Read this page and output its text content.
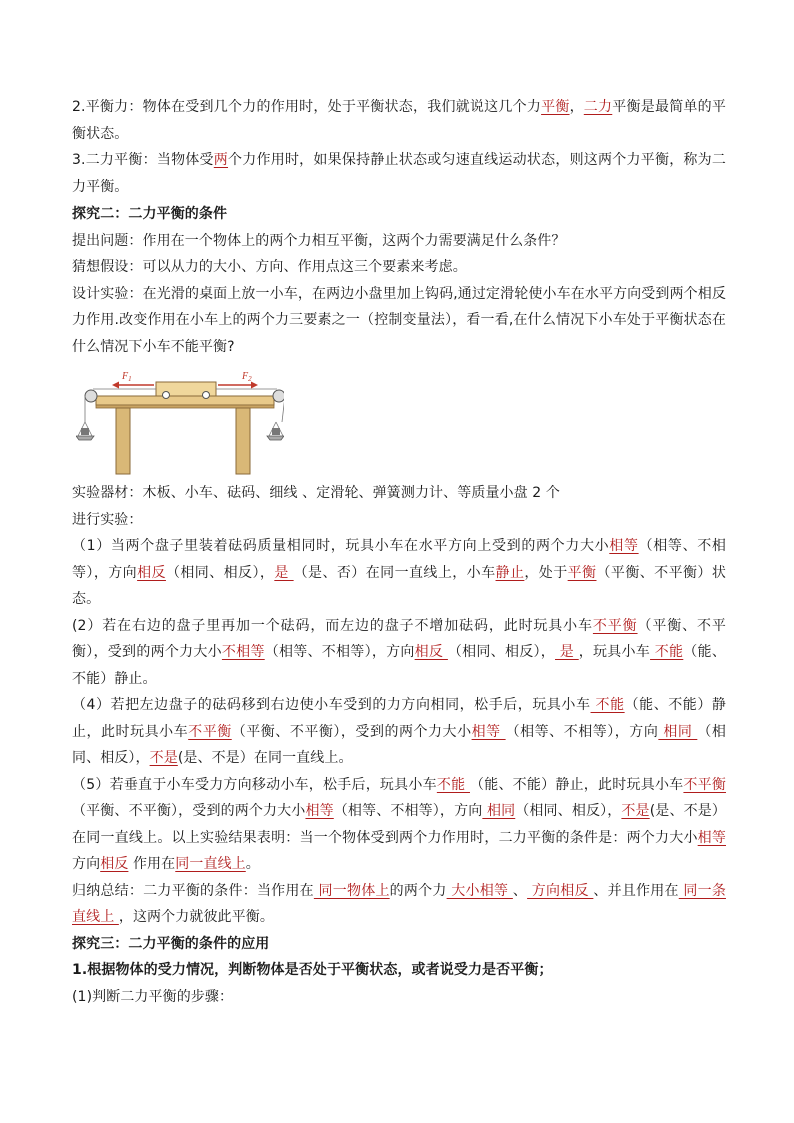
2.平衡力：物体在受到几个力的作用时，处于平衡状态，我们就说这几个力平衡，二力平衡是最简单的平衡状态。

3.二力平衡：当物体受两个力作用时，如果保持静止状态或匀速直线运动状态，则这两个力平衡，称为二力平衡。

探究二：二力平衡的条件

提出问题：作用在一个物体上的两个力相互平衡，这两个力需要满足什么条件？

猜想假设：可以从力的大小、方向、作用点这三个要素来考虑。

设计实验：在光滑的桌面上放一小车，在两边小盘里加上钩码,通过定滑轮使小车在水平方向受到两个相反力作用.改变作用在小车上的两个力三要素之一（控制变量法），看一看,在什么情况下小车处于平衡状态在什么情况下小车不能平衡?

$F_1$	$F_2$

实验器材：木板、小车、砝码、细线 、定滑轮、弹簧测力计、等质量小盘 2 个

进行实验：

（1）当两个盘子里装着砝码质量相同时，玩具小车在水平方向上受到的两个力大小相等（相等、不相等），方向相反（相同、相反），是 （是、否）在同一直线上，小车静止，处于平衡（平衡、不平衡）状态。

(2）若在右边的盘子里再加一个砝码，而左边的盘子不增加砝码，此时玩具小车不平衡（平衡、不平衡），受到的两个力大小不相等（相等、不相等），方向相反 （相同、相反）， 是 ，玩具小车 不能（能、不能）静止。

（4）若把左边盘子的砝码移到右边使小车受到的力方向相同，松手后，玩具小车 不能（能、不能）静止，此时玩具小车不平衡（平衡、不平衡），受到的两个力大小相等 （相等、不相等），方向 相同 （相同、相反），不是(是、不是）在同一直线上。

（5）若垂直于小车受力方向移动小车，松手后，玩具小车不能 （能、不能）静止，此时玩具小车不平衡（平衡、不平衡），受到的两个力大小相等（相等、不相等），方向 相同（相同、相反），不是(是、不是）在同一直线上。以上实验结果表明：当一个物体受到两个力作用时，二力平衡的条件是：两个力大小相等方向相反 作用在同一直线上。

归纳总结：二力平衡的条件：当作用在 同一物体上的两个力 大小相等 、 方向相反 、并且作用在 同一条直线上 ，这两个力就彼此平衡。

探究三：二力平衡的条件的应用

1.根据物体的受力情况，判断物体是否处于平衡状态，或者说受力是否平衡；

(1)判断二力平衡的步骤：
